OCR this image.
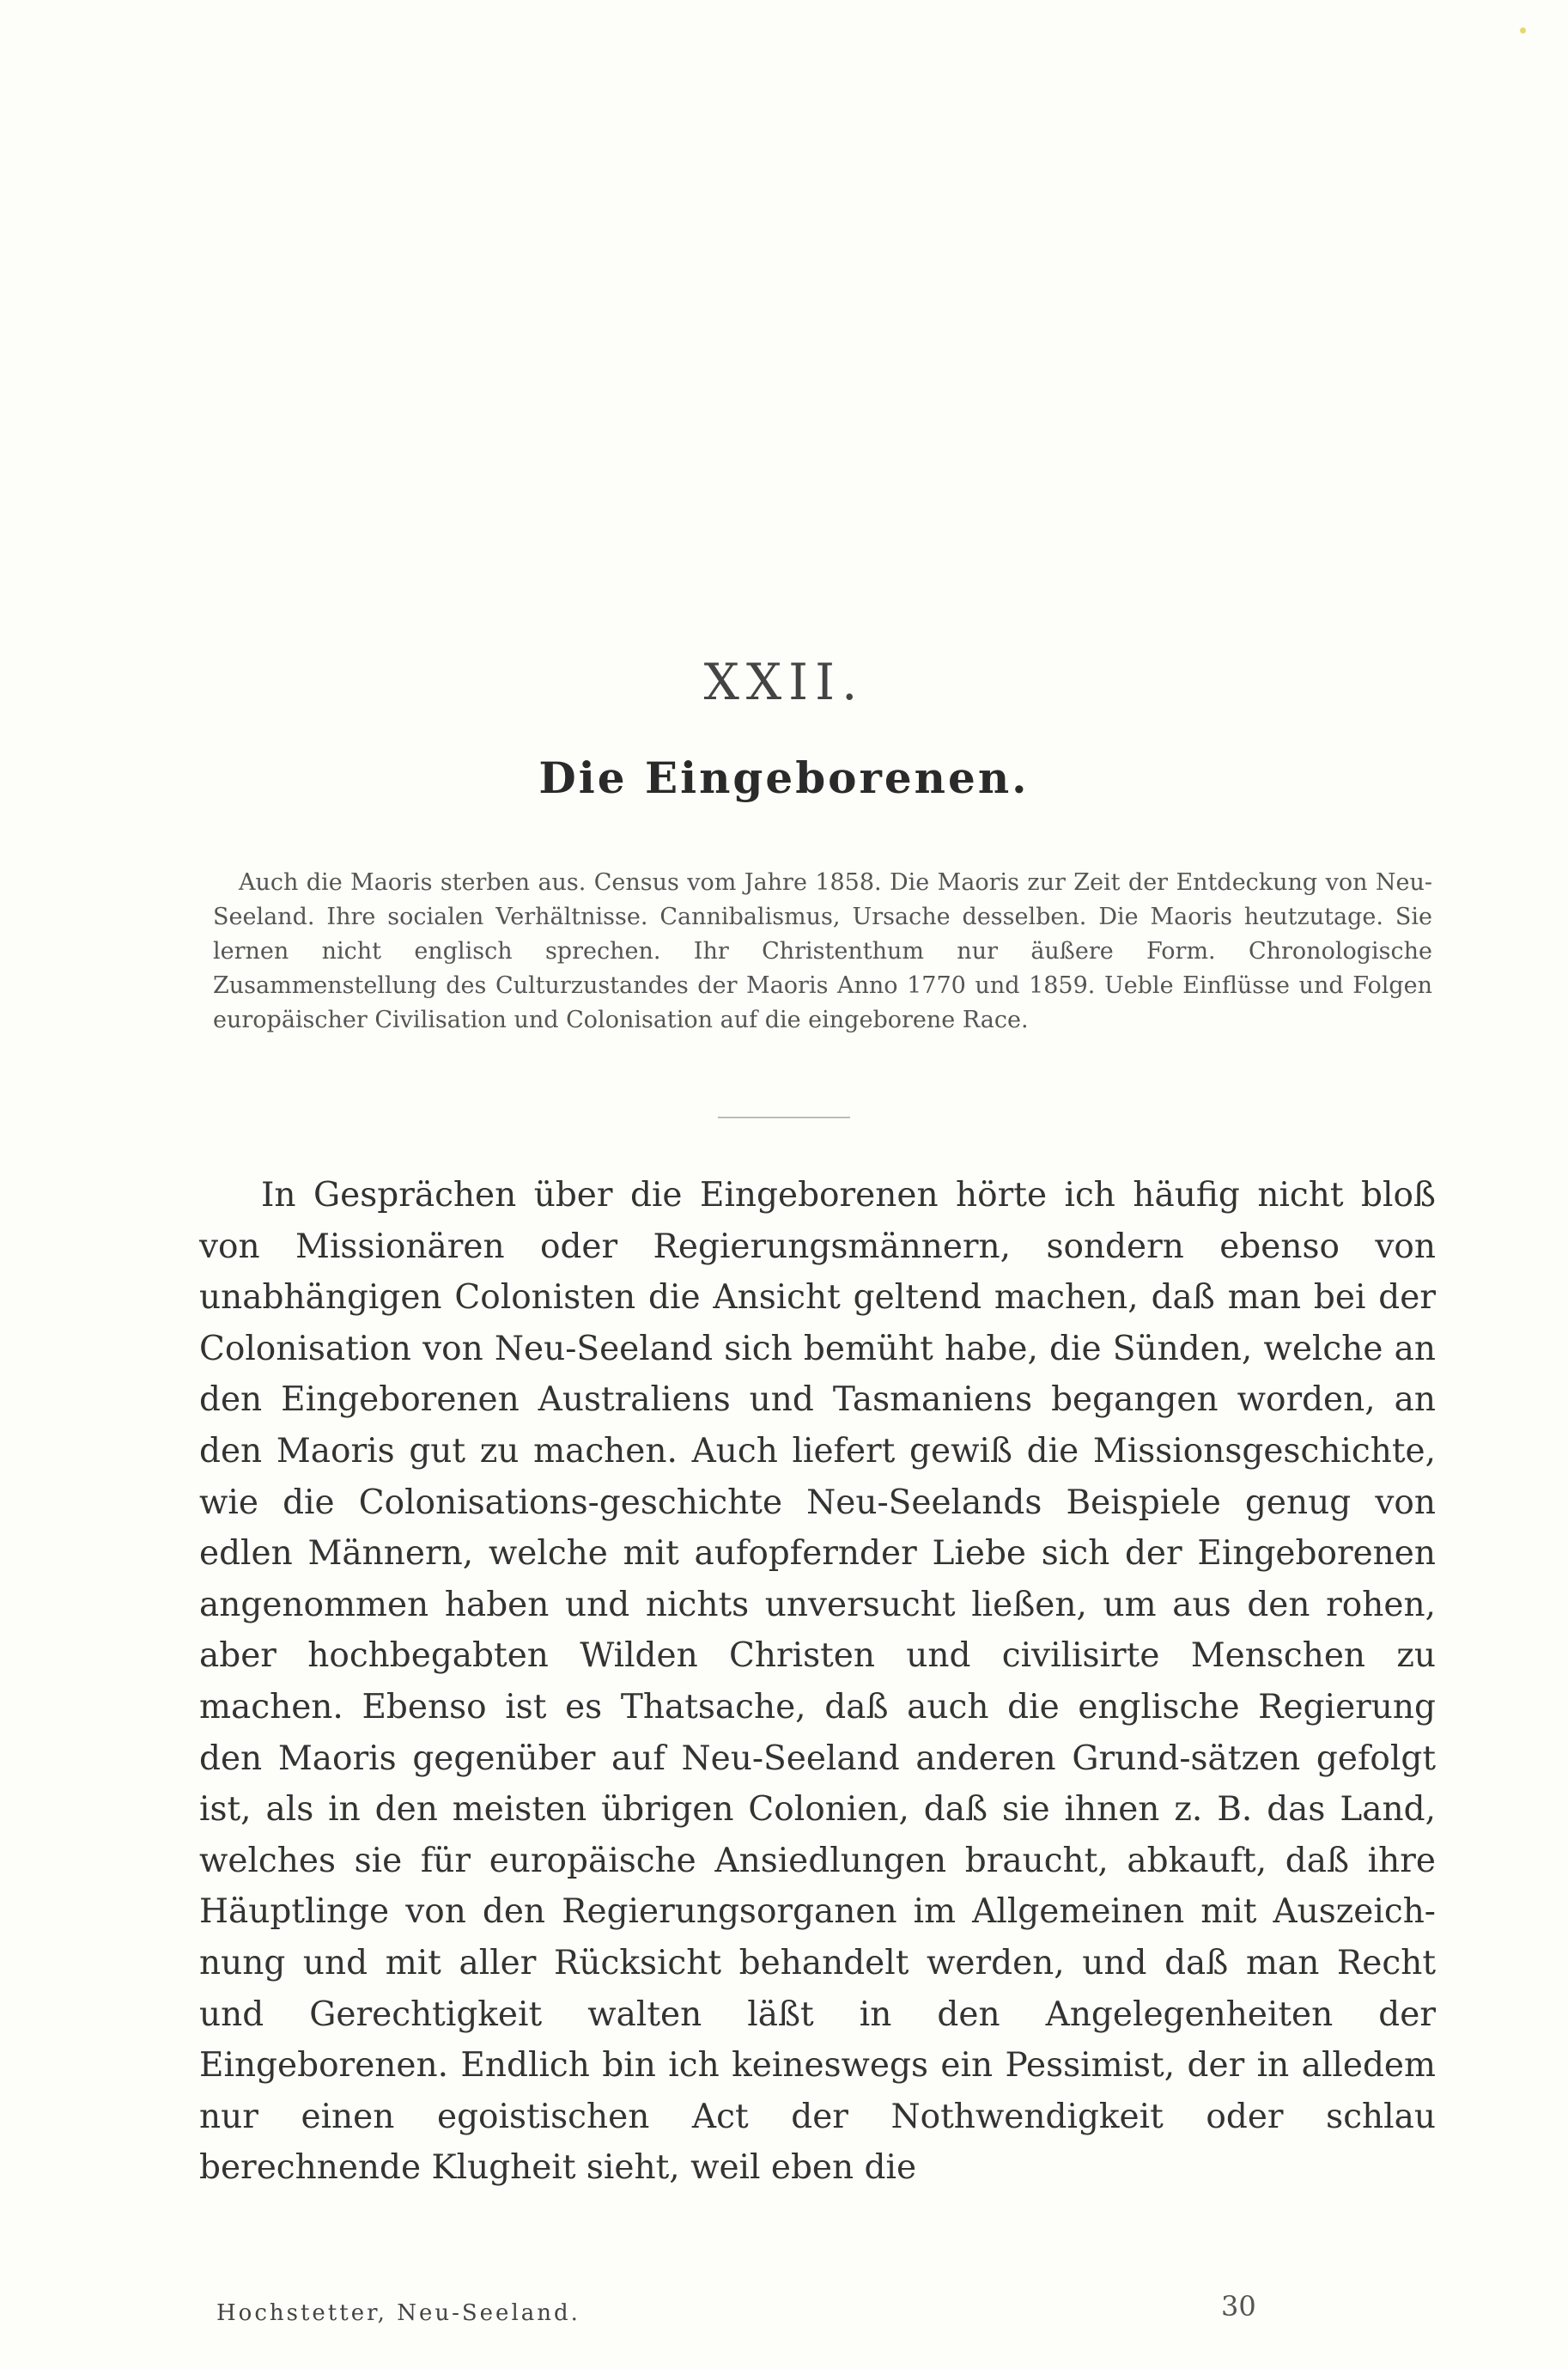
XXII.
Die Eingeborenen.
Auch die Maoris sterben aus. Census vom Jahre 1858. Die Maoris zur Zeit der Entdeckung von Neu-Seeland. Ihre socialen Verhältnisse. Cannibalismus, Ursache desselben. Die Maoris heutzutage. Sie lernen nicht englisch sprechen. Ihr Christenthum nur äußere Form. Chronologische Zusammenstellung des Culturzustandes der Maoris Anno 1770 und 1859. Ueble Einflüsse und Folgen europäischer Civilisation und Colonisation auf die eingeborene Race.
In Gesprächen über die Eingeborenen hörte ich häufig nicht bloß von Missionären oder Regierungsmännern, sondern ebenso von unabhängigen Colonisten die Ansicht geltend machen, daß man bei der Colonisation von Neu-Seeland sich bemüht habe, die Sünden, welche an den Eingeborenen Australiens und Tasmaniens begangen worden, an den Maoris gut zu machen. Auch liefert gewiß die Missionsgeschichte, wie die Colonisations-geschichte Neu-Seelands Beispiele genug von edlen Männern, welche mit aufopfernder Liebe sich der Eingeborenen angenommen haben und nichts unversucht ließen, um aus den rohen, aber hochbegabten Wilden Christen und civilisirte Menschen zu machen. Ebenso ist es Thatsache, daß auch die englische Regierung den Maoris gegenüber auf Neu-Seeland anderen Grund-sätzen gefolgt ist, als in den meisten übrigen Colonien, daß sie ihnen z. B. das Land, welches sie für europäische Ansiedlungen braucht, abkauft, daß ihre Häuptlinge von den Regierungsorganen im Allgemeinen mit Auszeich-nung und mit aller Rücksicht behandelt werden, und daß man Recht und Gerechtigkeit walten läßt in den Angelegenheiten der Eingeborenen. Endlich bin ich keineswegs ein Pessimist, der in alledem nur einen egoistischen Act der Nothwendigkeit oder schlau berechnende Klugheit sieht, weil eben die
Hochstetter, Neu-Seeland.	30
